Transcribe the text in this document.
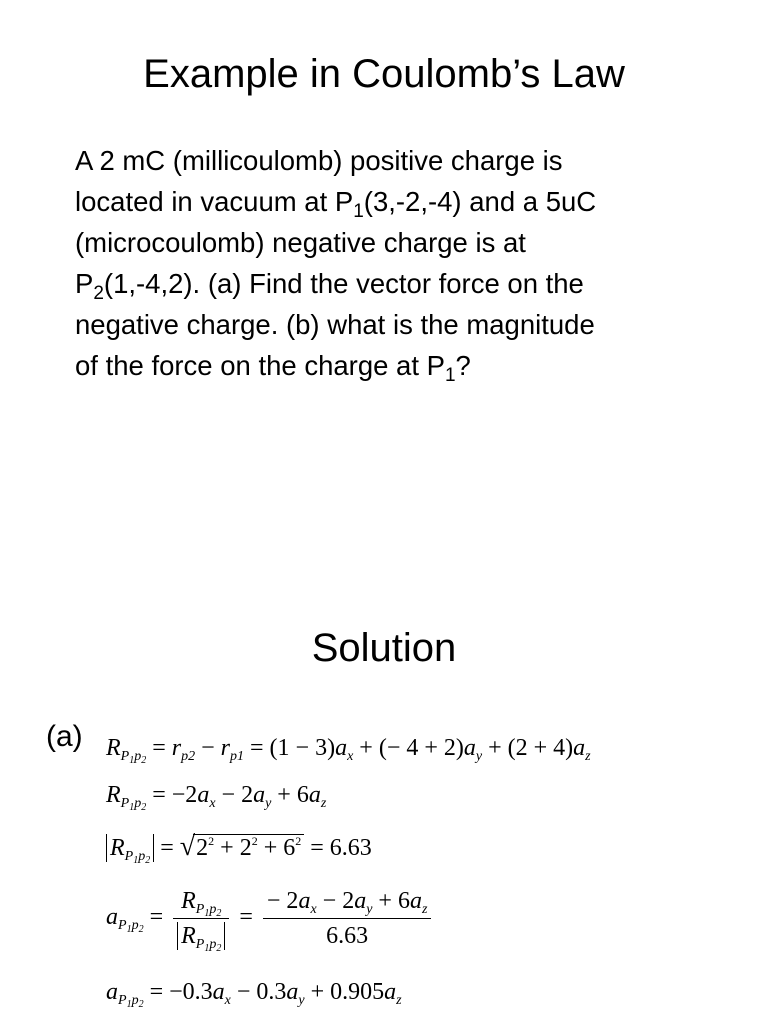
Example in Coulomb’s Law
A 2 mC (millicoulomb) positive charge is
located in vacuum at $P_1(3,-2,-4)$ and a 5uC
(microcoulomb) negative charge is at
$P_2(1,-4,2)$. (a) Find the vector force on the
negative charge. (b) what is the magnitude
of the force on the charge at $P_1$?
Solution
(a) $R_{P_1p_2} = r_{p2} - r_{p1} = (1 - 3)a_x$ + (− $4 + 2)a_y + (2 + 4)a_z$
$R_{P_1p_2} = -2a_x - 2a_y + 6a_z$
$R_{P_1p_2} = √2^2 + 2^2 + 6^2 = 6.63$
$a_{P_1p_2} = \frac{R_{P_1p_2}}{R_{P_1p_2}} = \frac{- 2a_x - 2a_y + 6a_z}{6.63}$
$a_{P_1p_2} = -0.3a_x - 0.3a_y + 0.905a_z$
